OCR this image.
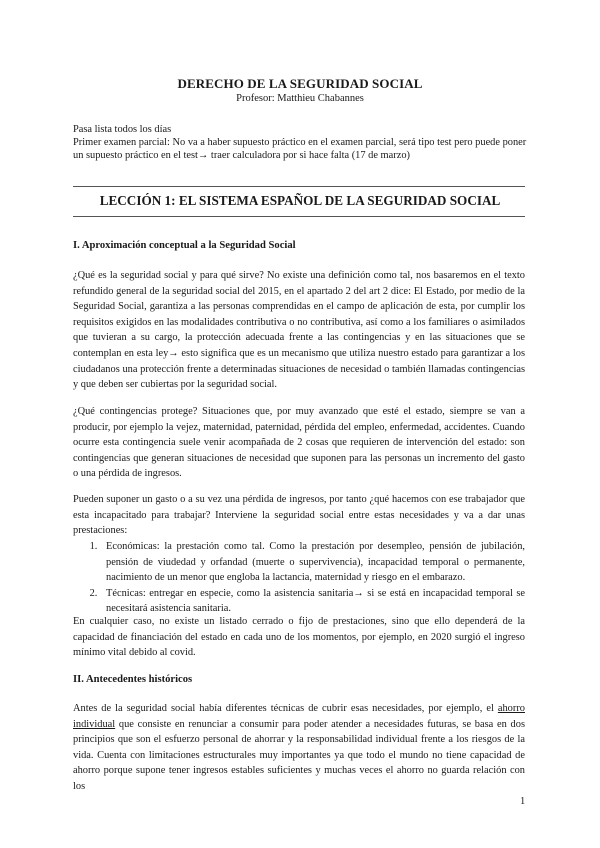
DERECHO DE LA SEGURIDAD SOCIAL
Profesor: Matthieu Chabannes

Pasa lista todos los días

Primer examen parcial: No va a haber supuesto práctico en el examen parcial, será tipo test pero puede poner un supuesto práctico en el test→ traer calculadora por si hace falta (17 de marzo)

LECCIÓN 1: EL SISTEMA ESPAÑOL DE LA SEGURIDAD SOCIAL

I. Aproximación conceptual a la Seguridad Social

¿Qué es la seguridad social y para qué sirve? No existe una definición como tal, nos basaremos en el texto refundido general de la seguridad social del 2015, en el apartado 2 del art 2 dice: El Estado, por medio de la Seguridad Social, garantiza a las personas comprendidas en el campo de aplicación de esta, por cumplir los requisitos exigidos en las modalidades contributiva o no contributiva, así como a los familiares o asimilados que tuvieran a su cargo, la protección adecuada frente a las contingencias y en las situaciones que se contemplan en esta ley→ esto significa que es un mecanismo que utiliza nuestro estado para garantizar a los ciudadanos una protección frente a determinadas situaciones de necesidad o también llamadas contingencias y que deben ser cubiertas por la seguridad social.

¿Qué contingencias protege? Situaciones que, por muy avanzado que esté el estado, siempre se van a producir, por ejemplo la vejez, maternidad, paternidad, pérdida del empleo, enfermedad, accidentes. Cuando ocurre esta contingencia suele venir acompañada de 2 cosas que requieren de intervención del estado: son contingencias que generan situaciones de necesidad que suponen para las personas un incremento del gasto o una pérdida de ingresos.

Pueden suponer un gasto o a su vez una pérdida de ingresos, por tanto ¿qué hacemos con ese trabajador que esta incapacitado para trabajar? Interviene la seguridad social entre estas necesidades y va a dar unas prestaciones:

1. Económicas: la prestación como tal. Como la prestación por desempleo, pensión de jubilación, pensión de viudedad y orfandad (muerte o supervivencia), incapacidad temporal o permanente, nacimiento de un menor que engloba la lactancia, maternidad y riesgo en el embarazo.
2. Técnicas: entregar en especie, como la asistencia sanitaria→ si se está en incapacidad temporal se necesitará asistencia sanitaria.

En cualquier caso, no existe un listado cerrado o fijo de prestaciones, sino que ello dependerá de la capacidad de financiación del estado en cada uno de los momentos, por ejemplo, en 2020 surgió el ingreso mínimo vital debido al covid.

II. Antecedentes históricos

Antes de la seguridad social había diferentes técnicas de cubrir esas necesidades, por ejemplo, el ahorro individual que consiste en renunciar a consumir para poder atender a necesidades futuras, se basa en dos principios que son el esfuerzo personal de ahorrar y la responsabilidad individual frente a los riesgos de la vida. Cuenta con limitaciones estructurales muy importantes ya que todo el mundo no tiene capacidad de ahorro porque supone tener ingresos estables suficientes y muchas veces el ahorro no guarda relación con los

1
